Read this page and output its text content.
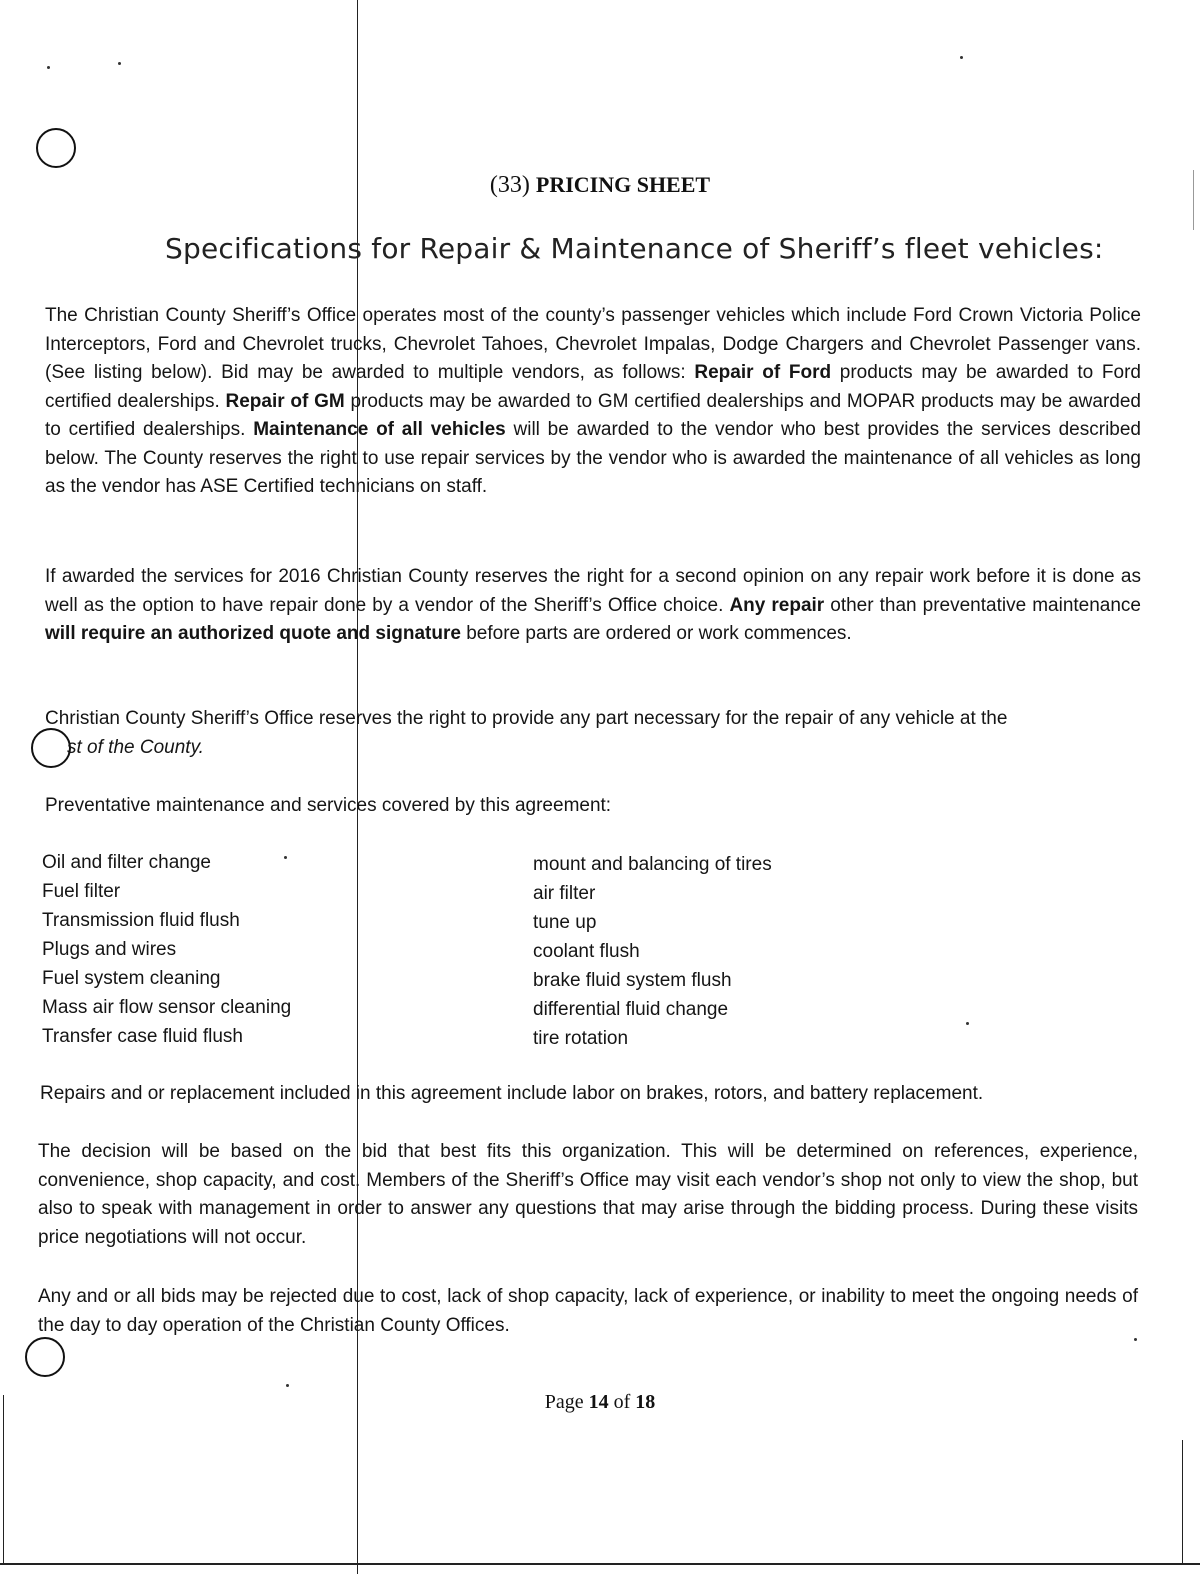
(33) PRICING SHEET
Specifications for Repair & Maintenance of Sheriff’s fleet vehicles:
The Christian County Sheriff’s Office operates most of the county’s passenger vehicles which include Ford Crown Victoria Police Interceptors, Ford and Chevrolet trucks, Chevrolet Tahoes, Chevrolet Impalas, Dodge Chargers and Chevrolet Passenger vans. (See listing below). Bid may be awarded to multiple vendors, as follows: Repair of Ford products may be awarded to Ford certified dealerships. Repair of GM products may be awarded to GM certified dealerships and MOPAR products may be awarded to certified dealerships. Maintenance of all vehicles will be awarded to the vendor who best provides the services described below. The County reserves the right to use repair services by the vendor who is awarded the maintenance of all vehicles as long as the vendor has ASE Certified technicians on staff.
If awarded the services for 2016 Christian County reserves the right for a second opinion on any repair work before it is done as well as the option to have repair done by a vendor of the Sheriff’s Office choice. Any repair other than preventative maintenance will require an authorized quote and signature before parts are ordered or work commences.
Christian County Sheriff’s Office reserves the right to provide any part necessary for the repair of any vehicle at the
st of the County.
Preventative maintenance and services covered by this agreement:
Oil and filter change
Fuel filter
Transmission fluid flush
Plugs and wires
Fuel system cleaning
Mass air flow sensor cleaning
Transfer case fluid flush
mount and balancing of tires
air filter
tune up
coolant flush
brake fluid system flush
differential fluid change
tire rotation
Repairs and or replacement included in this agreement include labor on brakes, rotors, and battery replacement.
The decision will be based on the bid that best fits this organization. This will be determined on references, experience, convenience, shop capacity, and cost. Members of the Sheriff’s Office may visit each vendor’s shop not only to view the shop, but also to speak with management in order to answer any questions that may arise through the bidding process. During these visits price negotiations will not occur.
Any and or all bids may be rejected due to cost, lack of shop capacity, lack of experience, or inability to meet the ongoing needs of the day to day operation of the Christian County Offices.
Page 14 of 18
